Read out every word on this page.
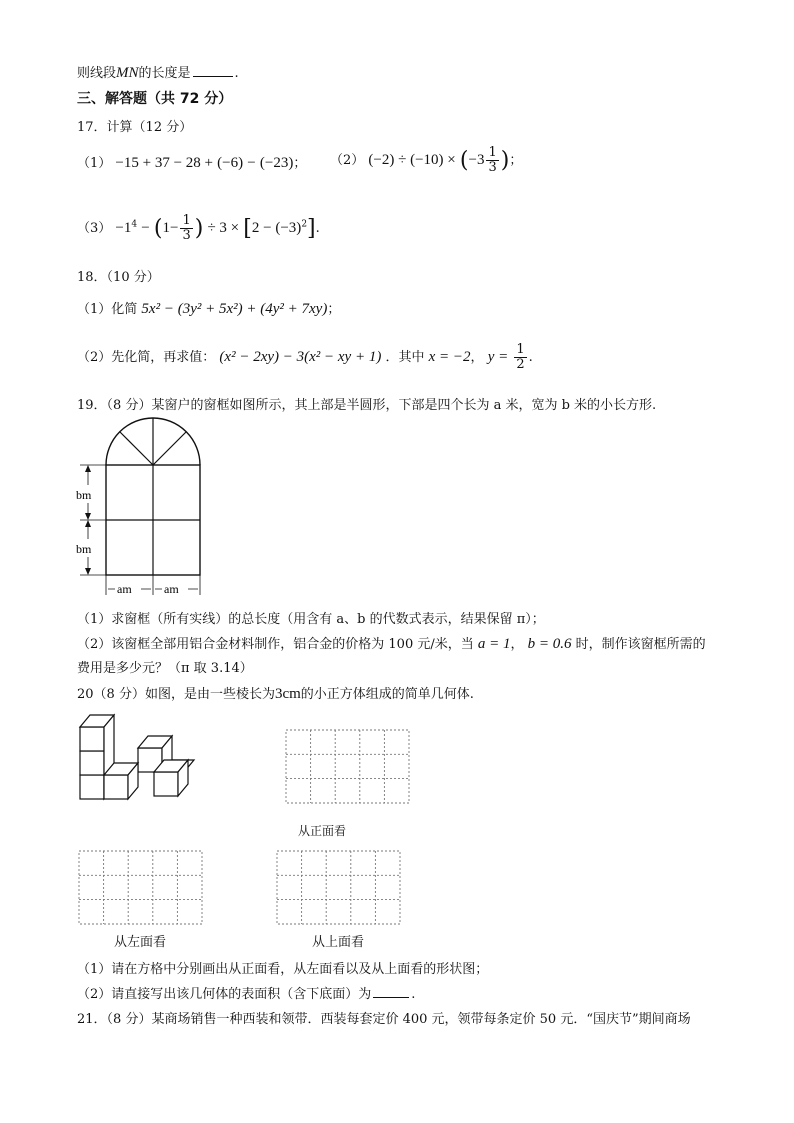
则线段MN的长度是	.
三、解答题（共 72 分）
17．计算（12 分）
（1） −15 + 37 − 28 + (−6) − (−23)； （2） $(-2) \div (-10) \times (-3 \frac{1}{3}$ )；
$(3) -1^4 - (1- \frac{1}{3}$ ) ÷ $3 \times [2 - (-3)^2]$.
18．（10 分）
（1）化简 5x² − (3y² + 5x²) + (4y² + 7xy)；
（2）先化简，再求值： (x² − 2xy) − 3(x² − xy + 1) ．其中 x = −2， $y = \frac{1}{2}$ .
19．（8 分）某窗户的窗框如图所示，其上部是半圆形，下部是四个长为 a 米，宽为 b 米的小长方形.
bm
bm
am	am
（1）求窗框（所有实线）的总长度（用含有 a、b 的代数式表示，结果保留 π）；
（2）该窗框全部用铝合金材料制作，铝合金的价格为 100 元/米，当 a = 1， b = 0.6 时，制作该窗框所需的
费用是多少元？（π 取 3.14）
20（8 分）如图，是由一些棱长为3cm的小正方体组成的简单几何体.
从正面看
从左面看	从上面看
（1）请在方格中分别画出从正面看，从左面看以及从上面看的形状图；
（2）请直接写出该几何体的表面积（含下底面）为	.
21．（8 分）某商场销售一种西装和领带．西装每套定价 400 元，领带每条定价 50 元．“国庆节”期间商场
